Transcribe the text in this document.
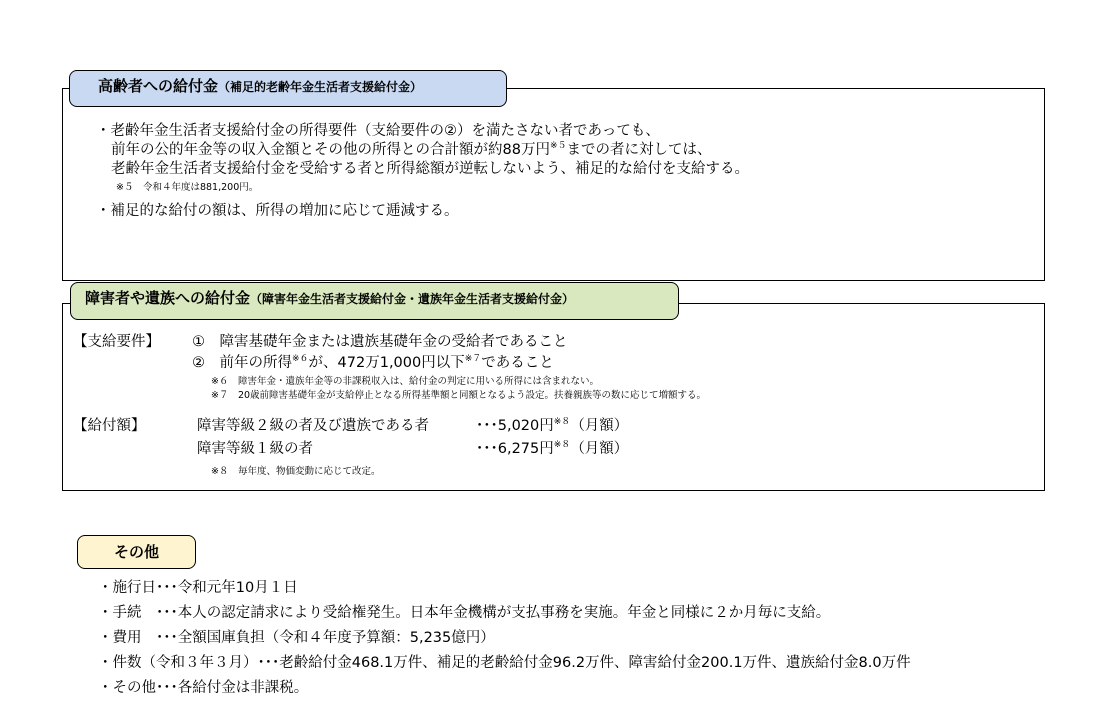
高齢者への給付金（補足的老齢年金生活者支援給付金）
・老齢年金生活者支援給付金の所得要件（支給要件の②）を満たさない者であっても、
前年の公的年金等の収入金額とその他の所得との合計額が約88万円$^{※5}$までの者に対しては、
老齢年金生活者支援給付金を受給する者と所得総額が逆転しないよう、補足的な給付を支給する。
※５　令和４年度は881,200円。
・補足的な給付の額は、所得の増加に応じて逓減する。
障害者や遺族への給付金（障害年金生活者支援給付金・遺族年金生活者支援給付金）
【支給要件】 ①　障害基礎年金または遺族基礎年金の受給者であること
②　前年の所得$^{※6}$が、472万1,000円以下$^{※7}$であること
※６　障害年金・遺族年金等の非課税収入は、給付金の判定に用いる所得には含まれない。
※７　20歳前障害基礎年金が支給停止となる所得基準額と同額となるよう設定。扶養親族等の数に応じて増額する。
【給付額】	障害等級２級の者及び遺族である者	･･･5,020円$^{※8}$（月額）
障害等級１級の者	･･･6,275円$^{※8}$（月額）
※８　毎年度、物価変動に応じて改定。
その他
・施行日･･･令和元年10月１日
・手続　･･･本人の認定請求により受給権発生。日本年金機構が支払事務を実施。年金と同様に２か月毎に支給。
・費用　･･･全額国庫負担（令和４年度予算額：5,235億円）
・件数（令和３年３月）･･･老齢給付金468.1万件、補足的老齢給付金96.2万件、障害給付金200.1万件、遺族給付金8.0万件
・その他･･･各給付金は非課税。
